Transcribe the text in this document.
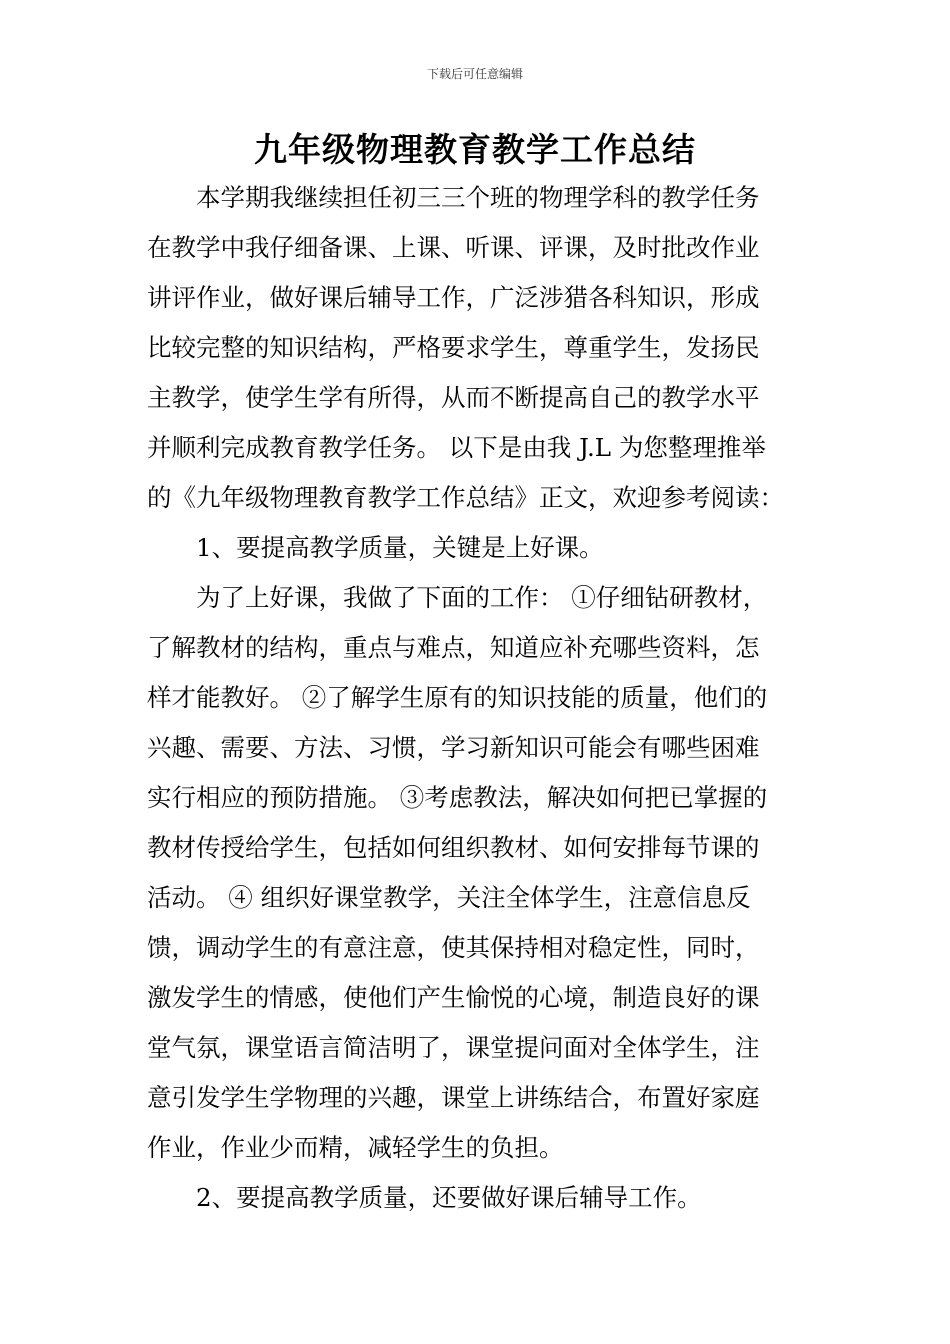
下载后可任意编辑
九年级物理教育教学工作总结
本学期我继续担任初三三个班的物理学科的教学任务
在教学中我仔细备课、上课、听课、评课，及时批改作业
讲评作业，做好课后辅导工作，广泛涉猎各科知识，形成
比较完整的知识结构，严格要求学生，尊重学生，发扬民
主教学，使学生学有所得，从而不断提高自己的教学水平
并顺利完成教育教学任务。 以下是由我 J.L 为您整理推举
的《九年级物理教育教学工作总结》正文，欢迎参考阅读：
1、要提高教学质量，关键是上好课。
为了上好课，我做了下面的工作： ①仔细钻研教材，
了解教材的结构，重点与难点，知道应补充哪些资料，怎
样才能教好。 ②了解学生原有的知识技能的质量，他们的
兴趣、需要、方法、习惯，学习新知识可能会有哪些困难
实行相应的预防措施。 ③考虑教法，解决如何把已掌握的
教材传授给学生，包括如何组织教材、如何安排每节课的
活动。 ④ 组织好课堂教学，关注全体学生，注意信息反
馈，调动学生的有意注意，使其保持相对稳定性，同时，
激发学生的情感，使他们产生愉悦的心境，制造良好的课
堂气氛，课堂语言简洁明了，课堂提问面对全体学生，注
意引发学生学物理的兴趣，课堂上讲练结合，布置好家庭
作业，作业少而精，减轻学生的负担。
2、要提高教学质量，还要做好课后辅导工作。
